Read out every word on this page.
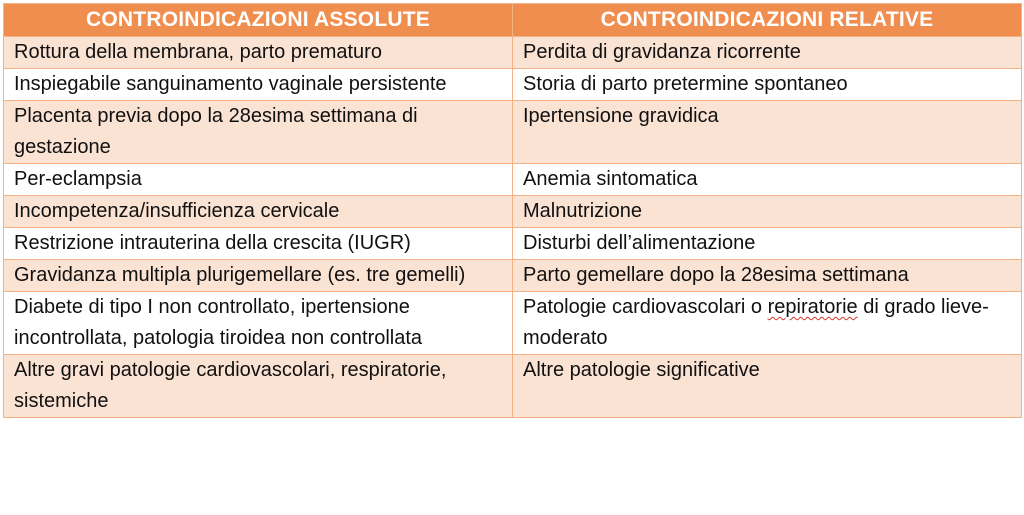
CONTROINDICAZIONI ASSOLUTE	CONTROINDICAZIONI RELATIVE
Rottura della membrana, parto prematuro	Perdita di gravidanza ricorrente
Inspiegabile sanguinamento vaginale persistente	Storia di parto pretermine spontaneo
Placenta previa dopo la 28esima settimana di gestazione	Ipertensione gravidica
Per-eclampsia	Anemia sintomatica
Incompetenza/insufficienza cervicale	Malnutrizione
Restrizione intrauterina della crescita (IUGR)	Disturbi dell’alimentazione
Gravidanza multipla plurigemellare (es. tre gemelli)	Parto gemellare dopo la 28esima settimana
Diabete di tipo I non controllato, ipertensione incontrollata, patologia tiroidea non controllata	Patologie cardiovascolari o repiratorie di grado lieve-moderato
Altre gravi patologie cardiovascolari, respiratorie, sistemiche	Altre patologie significative
